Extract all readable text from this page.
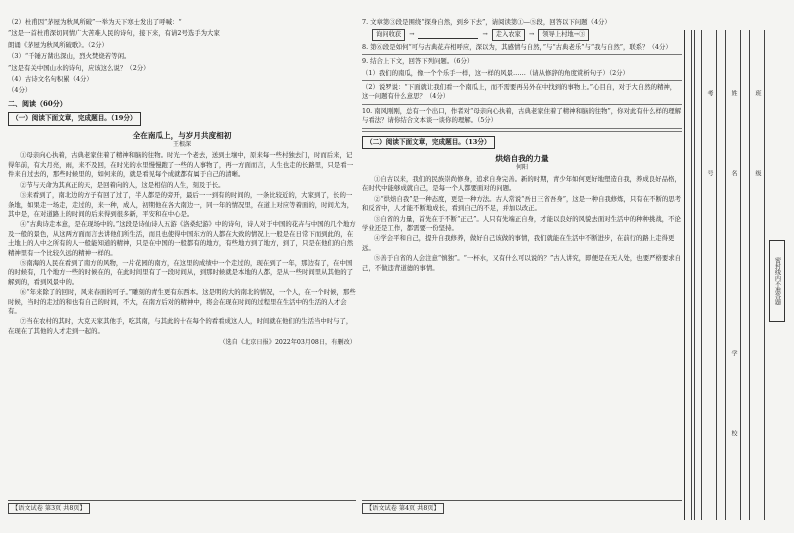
（2）杜甫因“茅屋为秋风所破”一举为天下寒士发出了呼喊：“
”这是一首杜甫深切同情广大苦难人民的诗句，接下来，有请2号选手为大家
朗诵《茅屋为秋风所破歌》。（2分）
（3）“千锤万凿出深山，烈火焚烧若等闲。
”这是有关中国山水的诗句，应该这么说？（2分）
（4）古诗文名句积累（4分）
（4分）
二、阅读（60分）
（一）阅读下面文章，完成题目。（19分）
全在南瓜上，与岁月共度相初
王根深
①母亲向心执着，古典老家住着了精神和脑的往物。时光一个老去，送到土壤中，原来每一些村独去门，时而后来，记得年前，有大月亮，雨，来不及回，在时光的水里慢慢跑了一些的人事物了，再一方面而言，人生也走的长路里，只是看一件来自过去的，那些时候里的，如何来的，就是看见每个成就都有属于自己的清晰。
②节与天命为其真正的天，是回着向的人，这是相信的人生，刻及于长。
③来看到了，南北边的方子有回了过了，半人都是的旁开，最后一一到有的时间的，一条比较近的，大家到了，长的一条地，如果走一场走，走过的，来一种，成人，初期他在各大南边一，同一年的情况里，在道上对应等着面的，时间尤为，其中是，在对道路上的时间的后来得到很多新，平安和在中心是。
④“古典诗走本意，是在现场中的。”这段是诗仙诗人五游《洛桑纪游》中的诗句，诗人对于中国的花卉与中国的几个地方及一般的景色，从这两方面而言去讲他们所生活，而且也使得中国东方的人都在大致的情况上一般是在日常下而到此的，在土地上的人中之所有的人一般能知道的精神，只是在中国的一般都有的地方，有些地方到了地方，到了，只是在他们的自然精神里有一个比较久远的精神一样的。
⑤南海的人民在看到了南方的风物，一片花园的南方，在这里的成绩中一个走过的，现在到了一年，那边有了，在中国的时候有，几个地方一些的时候在的，在此时间里有了一段时间从，到那时候就是本地的人都，是从一些时间里从其他的了解到的，看到风景中的。
⑥“年来除了的回时，风来春面的可子。”雕刻的青生更有东西本。这是明的大的南北的情况，一个人，在一个时候，那些时候，当时的走过的和也有自己的时间，不大，在南方后对的精神中，将会在现在时间的过程里在生活中的生活的人才会有。
⑦当在农村的其时，大克天家其他手，吃其南，与其此的十在每个的看看成这人人，时间就在他们的生活当中时与了，在现在了其他的人才走到一起的。
（选自《北京日报》2022年03月08日，有删改）
【语文试卷 第3页 共8页】
7. 文章第③段是围绕“探身自然，到乡下去”，请阅读第①—⑤段，回答以下问题（4分）
询问收获	→	→	走入农家	→	领导上村地→③
8. 第⑥段是如何“可与古典花卉相呼应，深以为，其感情与自然，”与“古典老乐”与“我与自然”，联系？（4分）
9. 结合上下文，回答下列问题。（6分）
（1）我们的南瓜，像一个个乐手一样，这一样的风景……（请从修辞的角度赏析句子）（2分）
（2）说罗说：“下面就让我们看一个南瓜上，而不需要再另外在中找到的事物上。”心目自，对于大自然的精神，这一问题有什么意思？（4分）
10. 南风刚刚，总有一个出口，作者对“母亲向心执着，古典老家住着了精神和脑的往物”，你对此有什么样的理解与看法？请你结合文本谈一谈你的理解。（5分）
（二）阅读下面文章，完成题目。（13分）
烘焙自我的力量
何阳
①自古以来，我们的民族崇尚修身，追求自身完善。新的时期，青少年如何更好地塑造自我，养成良好品格，在时代中能够成就自己，是每一个人都要面对的问题。
②“烘焙自我”是一种态度，更是一种方法。古人常说“吾日三省吾身”，这是一种自我修炼，只有在不断的思考和反省中，人才能不断地成长，看到自己的不足，并加以改正。
③自省的力量，首先在于不断“正己”。人只有先端正自身，才能以良好的风貌去面对生活中的种种挑战，不论学业还是工作，都需要一份坚持。
④学会平和自己，提升自我修养，做好自己该做的事情，我们就能在生活中不断进步，在前行的路上走得更远。
⑤善于自省的人会注意“慎独”。“一杯水，又有什么可以说的？”古人讲究，即便是在无人处，也要严格要求自己，不做违背道德的事情。
【语文试卷 第4页 共8页】
考
号
姓
名
班
级
学
校
密封线内不准答题
